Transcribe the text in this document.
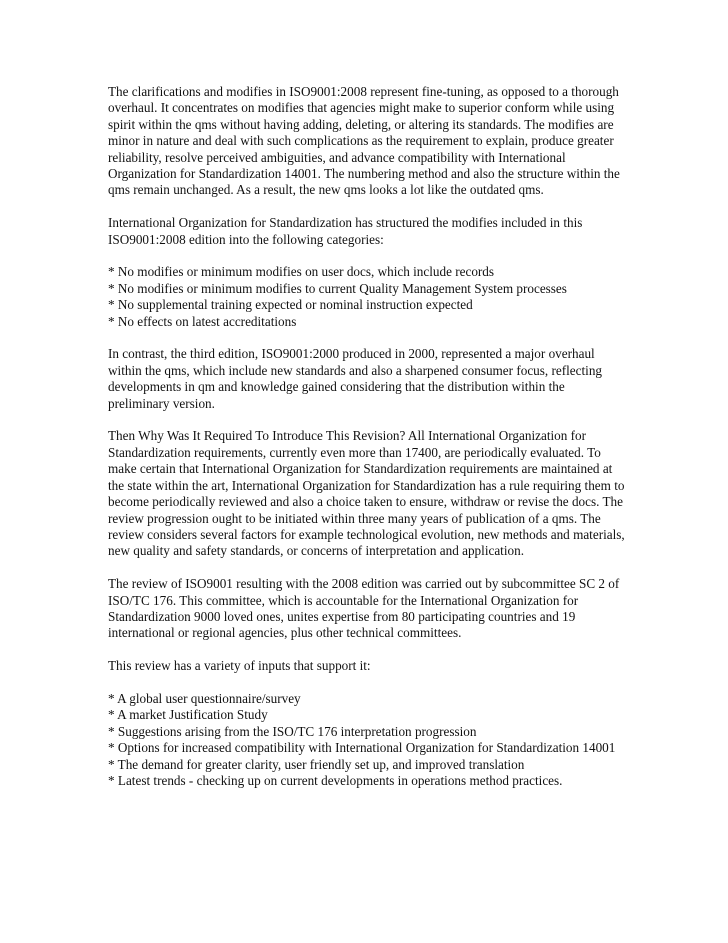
The clarifications and modifies in ISO9001:2008 represent fine-tuning, as opposed to a thorough overhaul. It concentrates on modifies that agencies might make to superior conform while using spirit within the qms without having adding, deleting, or altering its standards. The modifies are minor in nature and deal with such complications as the requirement to explain, produce greater reliability, resolve perceived ambiguities, and advance compatibility with International Organization for Standardization 14001. The numbering method and also the structure within the qms remain unchanged. As a result, the new qms looks a lot like the outdated qms.

International Organization for Standardization has structured the modifies included in this ISO9001:2008 edition into the following categories:

* No modifies or minimum modifies on user docs, which include records
* No modifies or minimum modifies to current Quality Management System processes
* No supplemental training expected or nominal instruction expected
* No effects on latest accreditations

In contrast, the third edition, ISO9001:2000 produced in 2000, represented a major overhaul within the qms, which include new standards and also a sharpened consumer focus, reflecting developments in qm and knowledge gained considering that the distribution within the preliminary version.

Then Why Was It Required To Introduce This Revision? All International Organization for Standardization requirements, currently even more than 17400, are periodically evaluated. To make certain that International Organization for Standardization requirements are maintained at the state within the art, International Organization for Standardization has a rule requiring them to become periodically reviewed and also a choice taken to ensure, withdraw or revise the docs. The review progression ought to be initiated within three many years of publication of a qms. The review considers several factors for example technological evolution, new methods and materials, new quality and safety standards, or concerns of interpretation and application.

The review of ISO9001 resulting with the 2008 edition was carried out by subcommittee SC 2 of ISO/TC 176. This committee, which is accountable for the International Organization for Standardization 9000 loved ones, unites expertise from 80 participating countries and 19 international or regional agencies, plus other technical committees.

This review has a variety of inputs that support it:

* A global user questionnaire/survey
* A market Justification Study
* Suggestions arising from the ISO/TC 176 interpretation progression
* Options for increased compatibility with International Organization for Standardization 14001
* The demand for greater clarity, user friendly set up, and improved translation
* Latest trends - checking up on current developments in operations method practices.
